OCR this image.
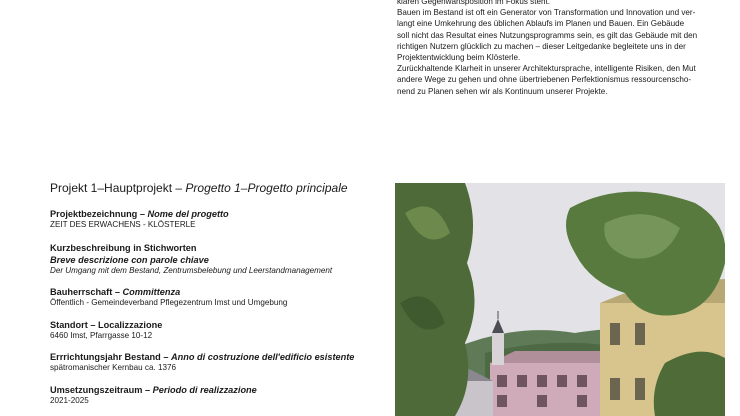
klaren Gegenwartsposition im Fokus steht.

Bauen im Bestand ist oft ein Generator von Transformation und Innovation und ver-

langt eine Umkehrung des üblichen Ablaufs im Planen und Bauen. Ein Gebäude

soll nicht das Resultat eines Nutzungsprogramms sein, es gilt das Gebäude mit den

richtigen Nutzern glücklich zu machen – dieser Leitgedanke begleitete uns in der

Projektentwicklung beim Klösterle.

Zurückhaltende Klarheit in unserer Architektursprache, intelligente Risiken, den Mut

andere Wege zu gehen und ohne übertriebenen Perfektionismus ressourcenscho-

nend zu Planen sehen wir als Kontinuum unserer Projekte.

Projekt 1–Hauptprojekt – Progetto 1–Progetto principale
Projektbezeichnung – Nome del progetto
ZEIT DES ERWACHENS - KLÖSTERLE
Kurzbeschreibung in Stichworten
Breve descrizione con parole chiave
Der Umgang mit dem Bestand, Zentrumsbelebung und Leerstandmanagement
Bauherrschaft – Committenza
Öffentlich - Gemeindeverband Pflegezentrum Imst und Umgebung
Standort – Localizzazione
6460 Imst, Pfarrgasse 10-12
Errrichtungsjahr Bestand – Anno di costruzione dell'edificio esistente
spätromanischer Kernbau ca. 1376
Umsetzungszeitraum – Periodo di realizzazione
2021-2025
